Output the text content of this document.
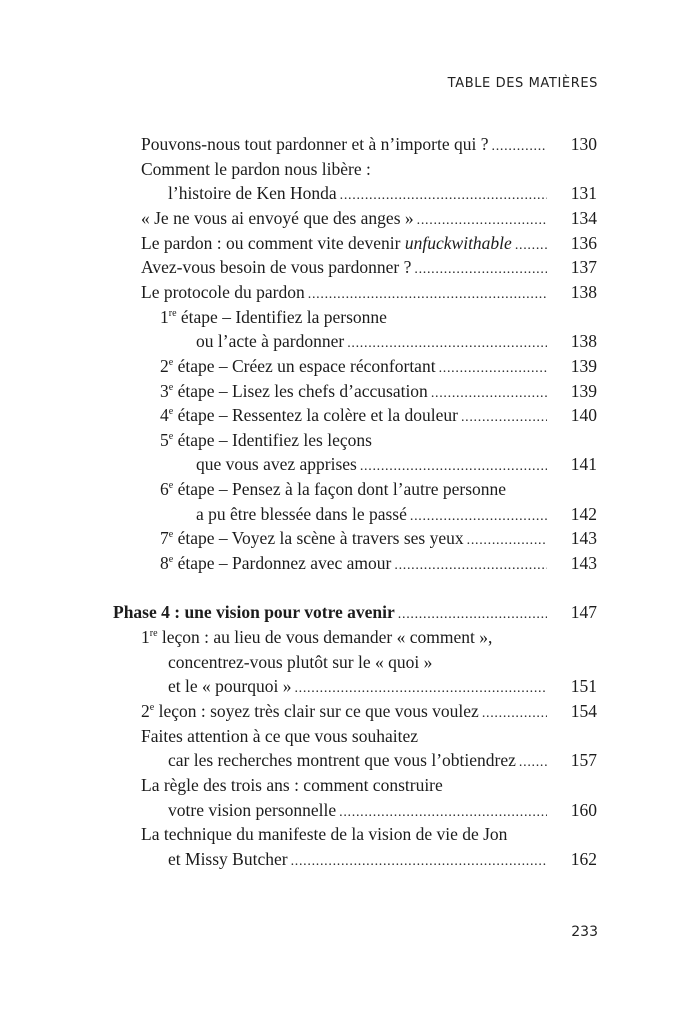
TABLE DES MATIÈRES
Pouvons-nous tout pardonner et à n’importe qui ? . . .	130
Comment le pardon nous libère :
l’histoire de Ken Honda . . .	131
« Je ne vous ai envoyé que des anges » . . .	134
Le pardon : ou comment vite devenir unfuckwithable . . .	136
Avez-vous besoin de vous pardonner ? . . .	137
Le protocole du pardon . . .	138
1re étape – Identifiez la personne
ou l’acte à pardonner . . .	138
2e étape – Créez un espace réconfortant . . .	139
3e étape – Lisez les chefs d’accusation . . .	139
4e étape – Ressentez la colère et la douleur . . .	140
5e étape – Identifiez les leçons
que vous avez apprises . . .	141
6e étape – Pensez à la façon dont l’autre personne
a pu être blessée dans le passé . . .	142
7e étape – Voyez la scène à travers ses yeux . . .	143
8e étape – Pardonnez avec amour . . .	143
Phase 4 : une vision pour votre avenir . . .	147
1re leçon : au lieu de vous demander « comment »,
concentrez-vous plutôt sur le « quoi »
et le « pourquoi » . . .	151
2e leçon : soyez très clair sur ce que vous voulez . . .	154
Faites attention à ce que vous souhaitez
car les recherches montrent que vous l’obtiendrez . . .	157
La règle des trois ans : comment construire
votre vision personnelle . . .	160
La technique du manifeste de la vision de vie de Jon
et Missy Butcher . . .	162
233
